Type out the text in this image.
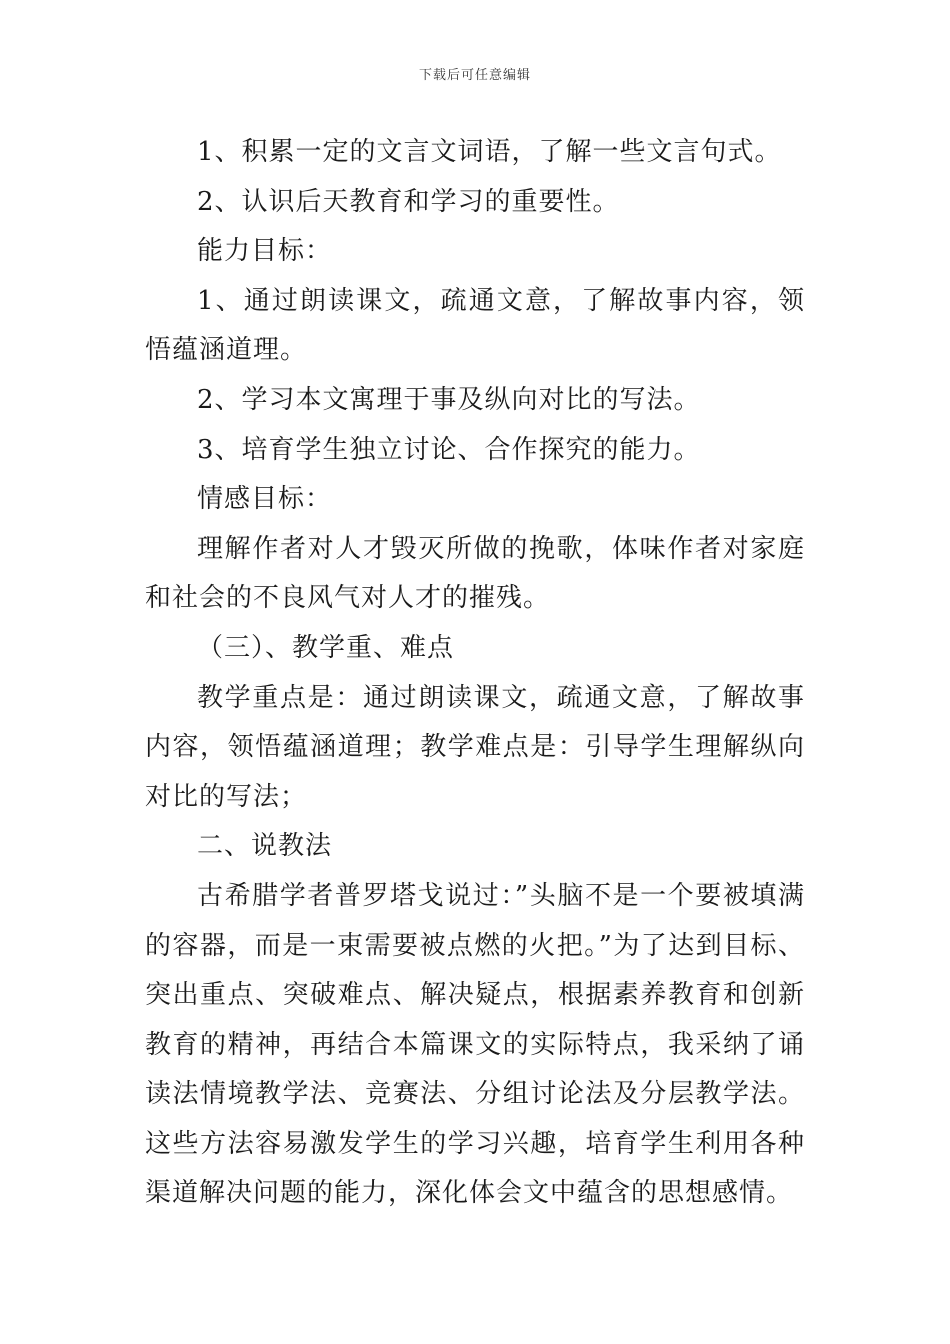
下载后可任意编辑

1、积累一定的文言文词语，了解一些文言句式。

2、认识后天教育和学习的重要性。

能力目标：

1、通过朗读课文，疏通文意，了解故事内容，领悟蕴涵道理。

2、学习本文寓理于事及纵向对比的写法。

3、培育学生独立讨论、合作探究的能力。

情感目标：

理解作者对人才毁灭所做的挽歌，体味作者对家庭和社会的不良风气对人才的摧残。

（三）、教学重、难点

教学重点是：通过朗读课文，疏通文意，了解故事内容，领悟蕴涵道理；教学难点是：引导学生理解纵向对比的写法；

二、说教法

古希腊学者普罗塔戈说过：”头脑不是一个要被填满的容器，而是一束需要被点燃的火把。”为了达到目标、突出重点、突破难点、解决疑点，根据素养教育和创新教育的精神，再结合本篇课文的实际特点，我采纳了诵读法情境教学法、竞赛法、分组讨论法及分层教学法。这些方法容易激发学生的学习兴趣，培育学生利用各种渠道解决问题的能力，深化体会文中蕴含的思想感情。
